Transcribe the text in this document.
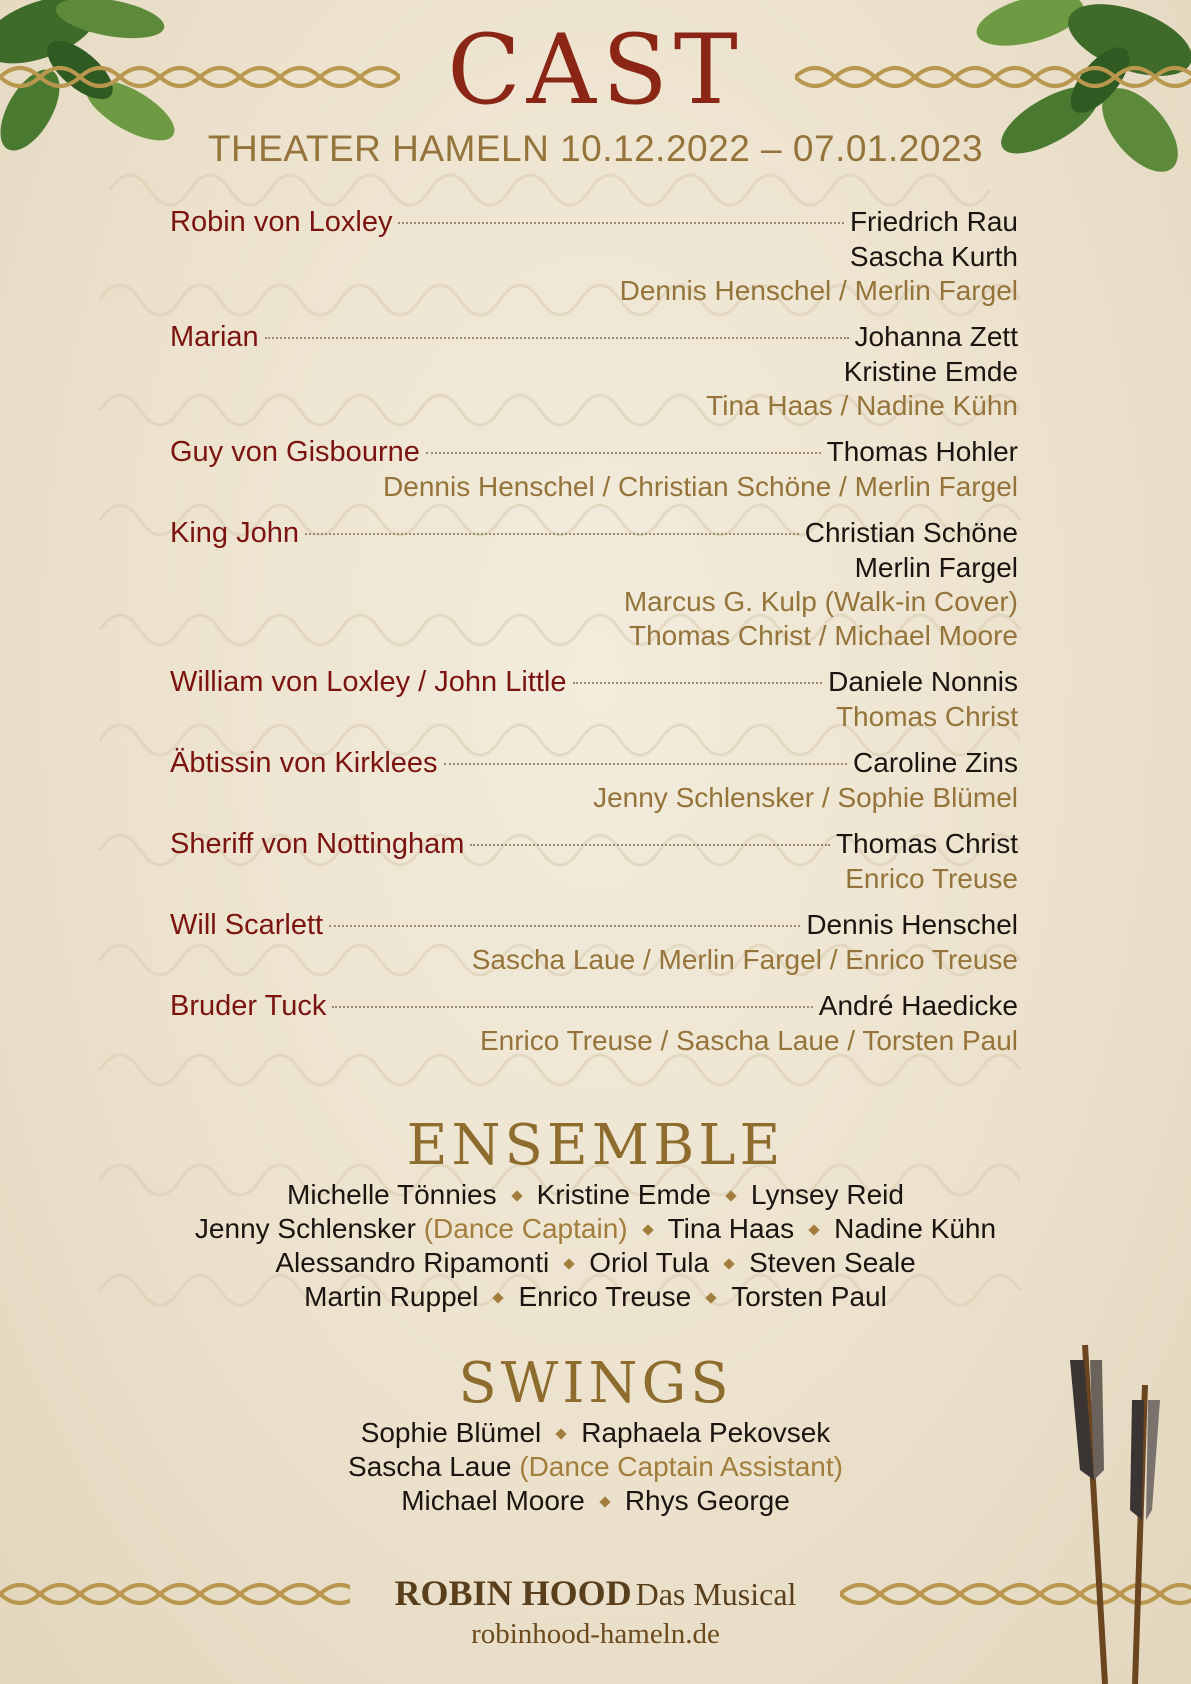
CAST
THEATER HAMELN 10.12.2022 – 07.01.2023
Robin von Loxley	Friedrich Rau
Sascha Kurth
Dennis Henschel / Merlin Fargel
Marian	Johanna Zett
Kristine Emde
Tina Haas / Nadine Kühn
Guy von Gisbourne	Thomas Hohler
Dennis Henschel / Christian Schöne / Merlin Fargel
King John	Christian Schöne
Merlin Fargel
Marcus G. Kulp (Walk-in Cover)
Thomas Christ / Michael Moore
William von Loxley / John Little	Daniele Nonnis
Thomas Christ
Äbtissin von Kirklees	Caroline Zins
Jenny Schlensker / Sophie Blümel
Sheriff von Nottingham	Thomas Christ
Enrico Treuse
Will Scarlett	Dennis Henschel
Sascha Laue / Merlin Fargel / Enrico Treuse
Bruder Tuck	André Haedicke
Enrico Treuse / Sascha Laue / Torsten Paul
ENSEMBLE
Michelle Tönnies Kristine Emde Lynsey Reid
Jenny Schlensker (Dance Captain) Tina Haas Nadine Kühn
Alessandro Ripamonti Oriol Tula Steven Seale
Martin Ruppel Enrico Treuse Torsten Paul
SWINGS
Sophie Blümel Raphaela Pekovsek
Sascha Laue (Dance Captain Assistant)
Michael Moore Rhys George
ROBIN HOOD Das Musical
robinhood-hameln.de
